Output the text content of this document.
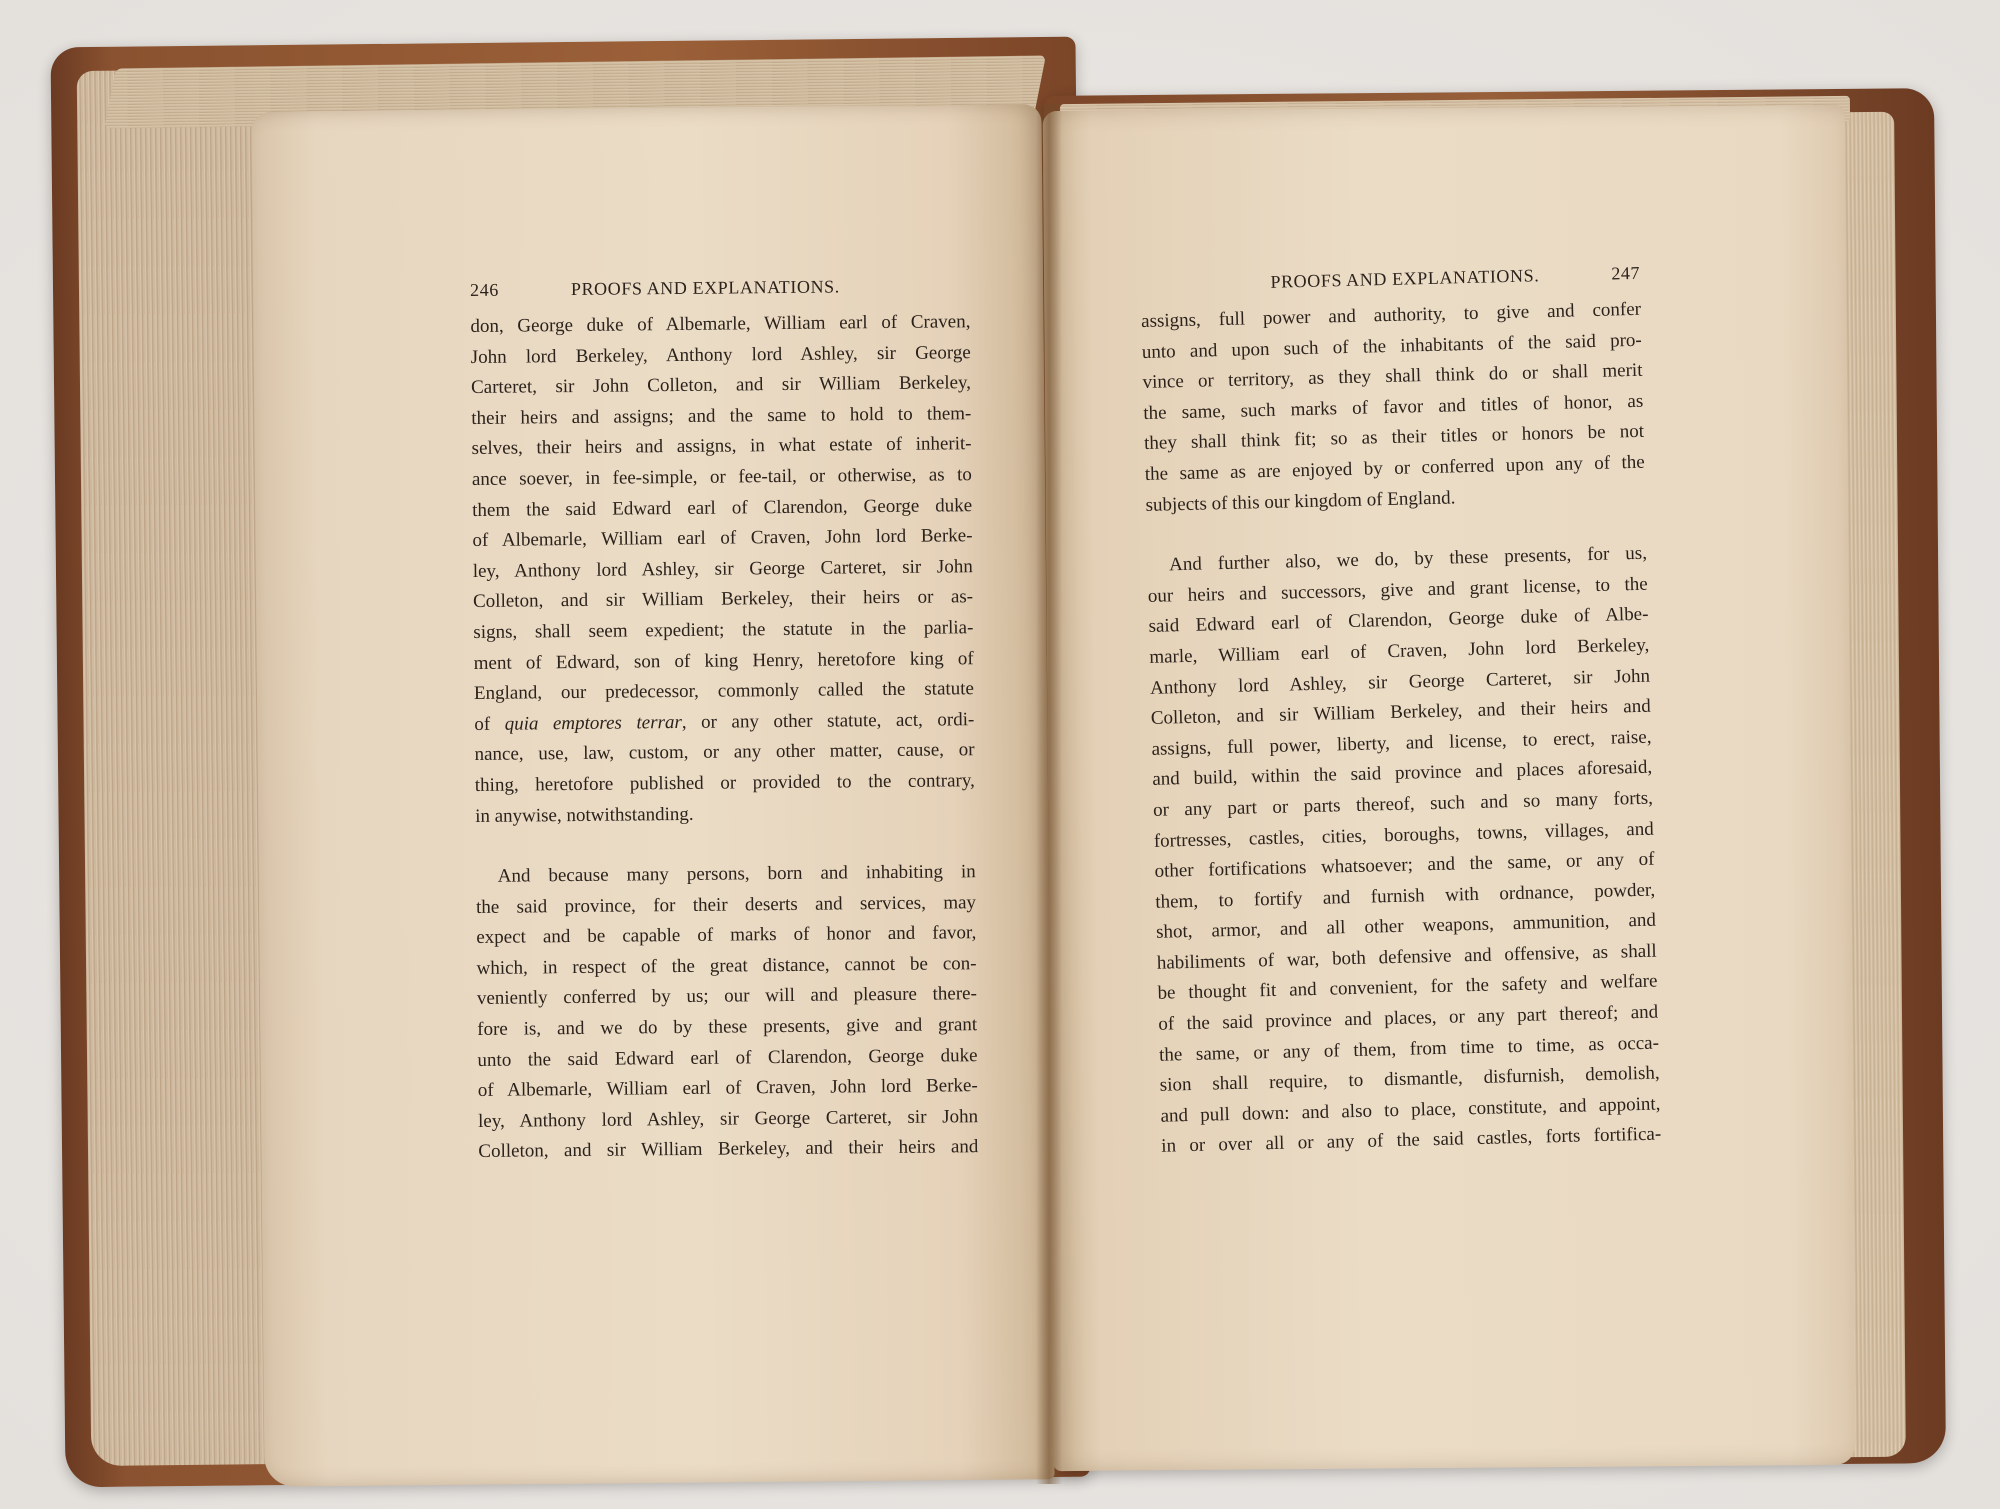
246	PROOFS AND EXPLANATIONS.
don, George duke of Albemarle, William earl of Craven,
John lord Berkeley, Anthony lord Ashley, sir George
Carteret, sir John Colleton, and sir William Berkeley,
their heirs and assigns; and the same to hold to them-
selves, their heirs and assigns, in what estate of inherit-
ance soever, in fee-simple, or fee-tail, or otherwise, as to
them the said Edward earl of Clarendon, George duke
of Albemarle, William earl of Craven, John lord Berke-
ley, Anthony lord Ashley, sir George Carteret, sir John
Colleton, and sir William Berkeley, their heirs or as-
signs, shall seem expedient; the statute in the parlia-
ment of Edward, son of king Henry, heretofore king of
England, our predecessor, commonly called the statute
of quia emptores terrar, or any other statute, act, ordi-
nance, use, law, custom, or any other matter, cause, or
thing, heretofore published or provided to the contrary,
in anywise, notwithstanding.
And because many persons, born and inhabiting in
the said province, for their deserts and services, may
expect and be capable of marks of honor and favor,
which, in respect of the great distance, cannot be con-
veniently conferred by us; our will and pleasure there-
fore is, and we do by these presents, give and grant
unto the said Edward earl of Clarendon, George duke
of Albemarle, William earl of Craven, John lord Berke-
ley, Anthony lord Ashley, sir George Carteret, sir John
Colleton, and sir William Berkeley, and their heirs and
PROOFS AND EXPLANATIONS.	247
assigns, full power and authority, to give and confer
unto and upon such of the inhabitants of the said pro-
vince or territory, as they shall think do or shall merit
the same, such marks of favor and titles of honor, as
they shall think fit; so as their titles or honors be not
the same as are enjoyed by or conferred upon any of the
subjects of this our kingdom of England.
And further also, we do, by these presents, for us,
our heirs and successors, give and grant license, to the
said Edward earl of Clarendon, George duke of Albe-
marle, William earl of Craven, John lord Berkeley,
Anthony lord Ashley, sir George Carteret, sir John
Colleton, and sir William Berkeley, and their heirs and
assigns, full power, liberty, and license, to erect, raise,
and build, within the said province and places aforesaid,
or any part or parts thereof, such and so many forts,
fortresses, castles, cities, boroughs, towns, villages, and
other fortifications whatsoever; and the same, or any of
them, to fortify and furnish with ordnance, powder,
shot, armor, and all other weapons, ammunition, and
habiliments of war, both defensive and offensive, as shall
be thought fit and convenient, for the safety and welfare
of the said province and places, or any part thereof; and
the same, or any of them, from time to time, as occa-
sion shall require, to dismantle, disfurnish, demolish,
and pull down: and also to place, constitute, and appoint,
in or over all or any of the said castles, forts fortifica-
